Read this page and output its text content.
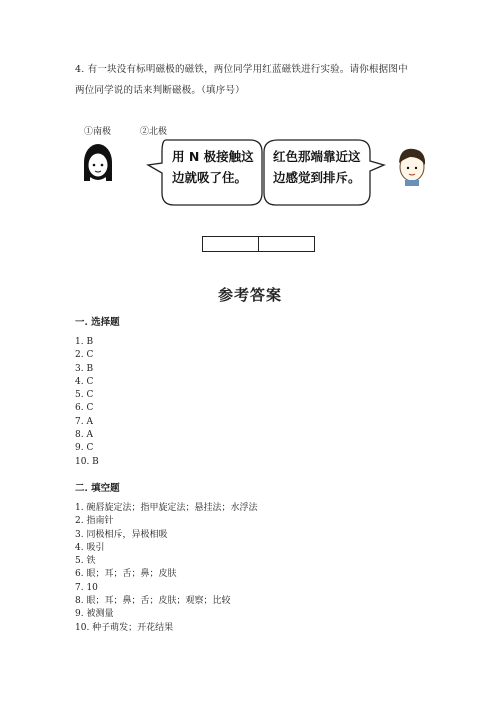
4. 有一块没有标明磁极的磁铁，两位同学用红蓝磁铁进行实验。请你根据图中
两位同学说的话来判断磁极。（填序号）
①南极	②北极
用 N 极接触这
边就吸了住。
红色那端靠近这
边感觉到排斥。
参考答案
一. 选择题
1. B
2. C
3. B
4. C
5. C
6. C
7. A
8. A
9. C
10. B
二. 填空题
1. 碗唇旋定法；指甲旋定法；悬挂法；水浮法
2. 指南针
3. 同极相斥，异极相吸
4. 吸引
5. 铁
6. 眼；耳；舌；鼻；皮肤
7. 10
8. 眼；耳；鼻；舌；皮肤；观察；比较
9. 被测量
10. 种子萌发；开花结果
